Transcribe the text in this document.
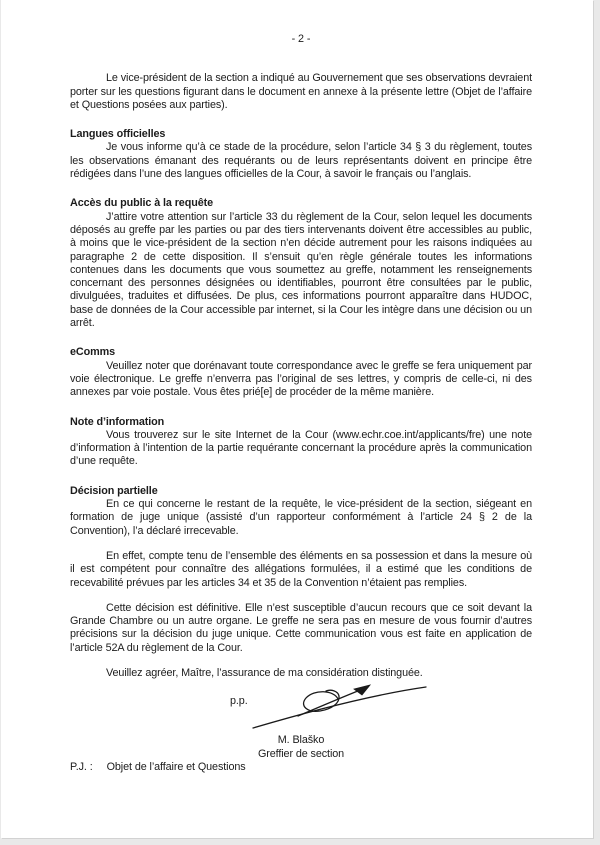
- 2 -

Le vice-président de la section a indiqué au Gouvernement que ses observations devraient porter sur les questions figurant dans le document en annexe à la présente lettre (Objet de l’affaire et Questions posées aux parties).

Langues officielles

Je vous informe qu’à ce stade de la procédure, selon l’article 34 § 3 du règlement, toutes les observations émanant des requérants ou de leurs représentants doivent en principe être rédigées dans l’une des langues officielles de la Cour, à savoir le français ou l’anglais.

Accès du public à la requête

J’attire votre attention sur l’article 33 du règlement de la Cour, selon lequel les documents déposés au greffe par les parties ou par des tiers intervenants doivent être accessibles au public, à moins que le vice-président de la section n’en décide autrement pour les raisons indiquées au paragraphe 2 de cette disposition. Il s’ensuit qu’en règle générale toutes les informations contenues dans les documents que vous soumettez au greffe, notamment les renseignements concernant des personnes désignées ou identifiables, pourront être consultées par le public, divulguées, traduites et diffusées. De plus, ces informations pourront apparaître dans HUDOC, base de données de la Cour accessible par internet, si la Cour les intègre dans une décision ou un arrêt.

eComms

Veuillez noter que dorénavant toute correspondance avec le greffe se fera uniquement par voie électronique. Le greffe n’enverra pas l’original de ses lettres, y compris de celle-ci, ni des annexes par voie postale. Vous êtes prié[e] de procéder de la même manière.

Note d’information

Vous trouverez sur le site Internet de la Cour (www.echr.coe.int/applicants/fre) une note d’information à l’intention de la partie requérante concernant la procédure après la communication d’une requête.

Décision partielle

En ce qui concerne le restant de la requête, le vice-président de la section, siégeant en formation de juge unique (assisté d’un rapporteur conformément à l’article 24 § 2 de la Convention), l’a déclaré irrecevable.

En effet, compte tenu de l’ensemble des éléments en sa possession et dans la mesure où il est compétent pour connaître des allégations formulées, il a estimé que les conditions de recevabilité prévues par les articles 34 et 35 de la Convention n’étaient pas remplies.

Cette décision est définitive. Elle n’est susceptible d’aucun recours que ce soit devant la Grande Chambre ou un autre organe. Le greffe ne sera pas en mesure de vous fournir d’autres précisions sur la décision du juge unique. Cette communication vous est faite en application de l’article 52A du règlement de la Cour.

Veuillez agréer, Maître, l’assurance de ma considération distinguée.

p.p.
M. Blaško
Greffier de section
P.J. : Objet de l’affaire et Questions
